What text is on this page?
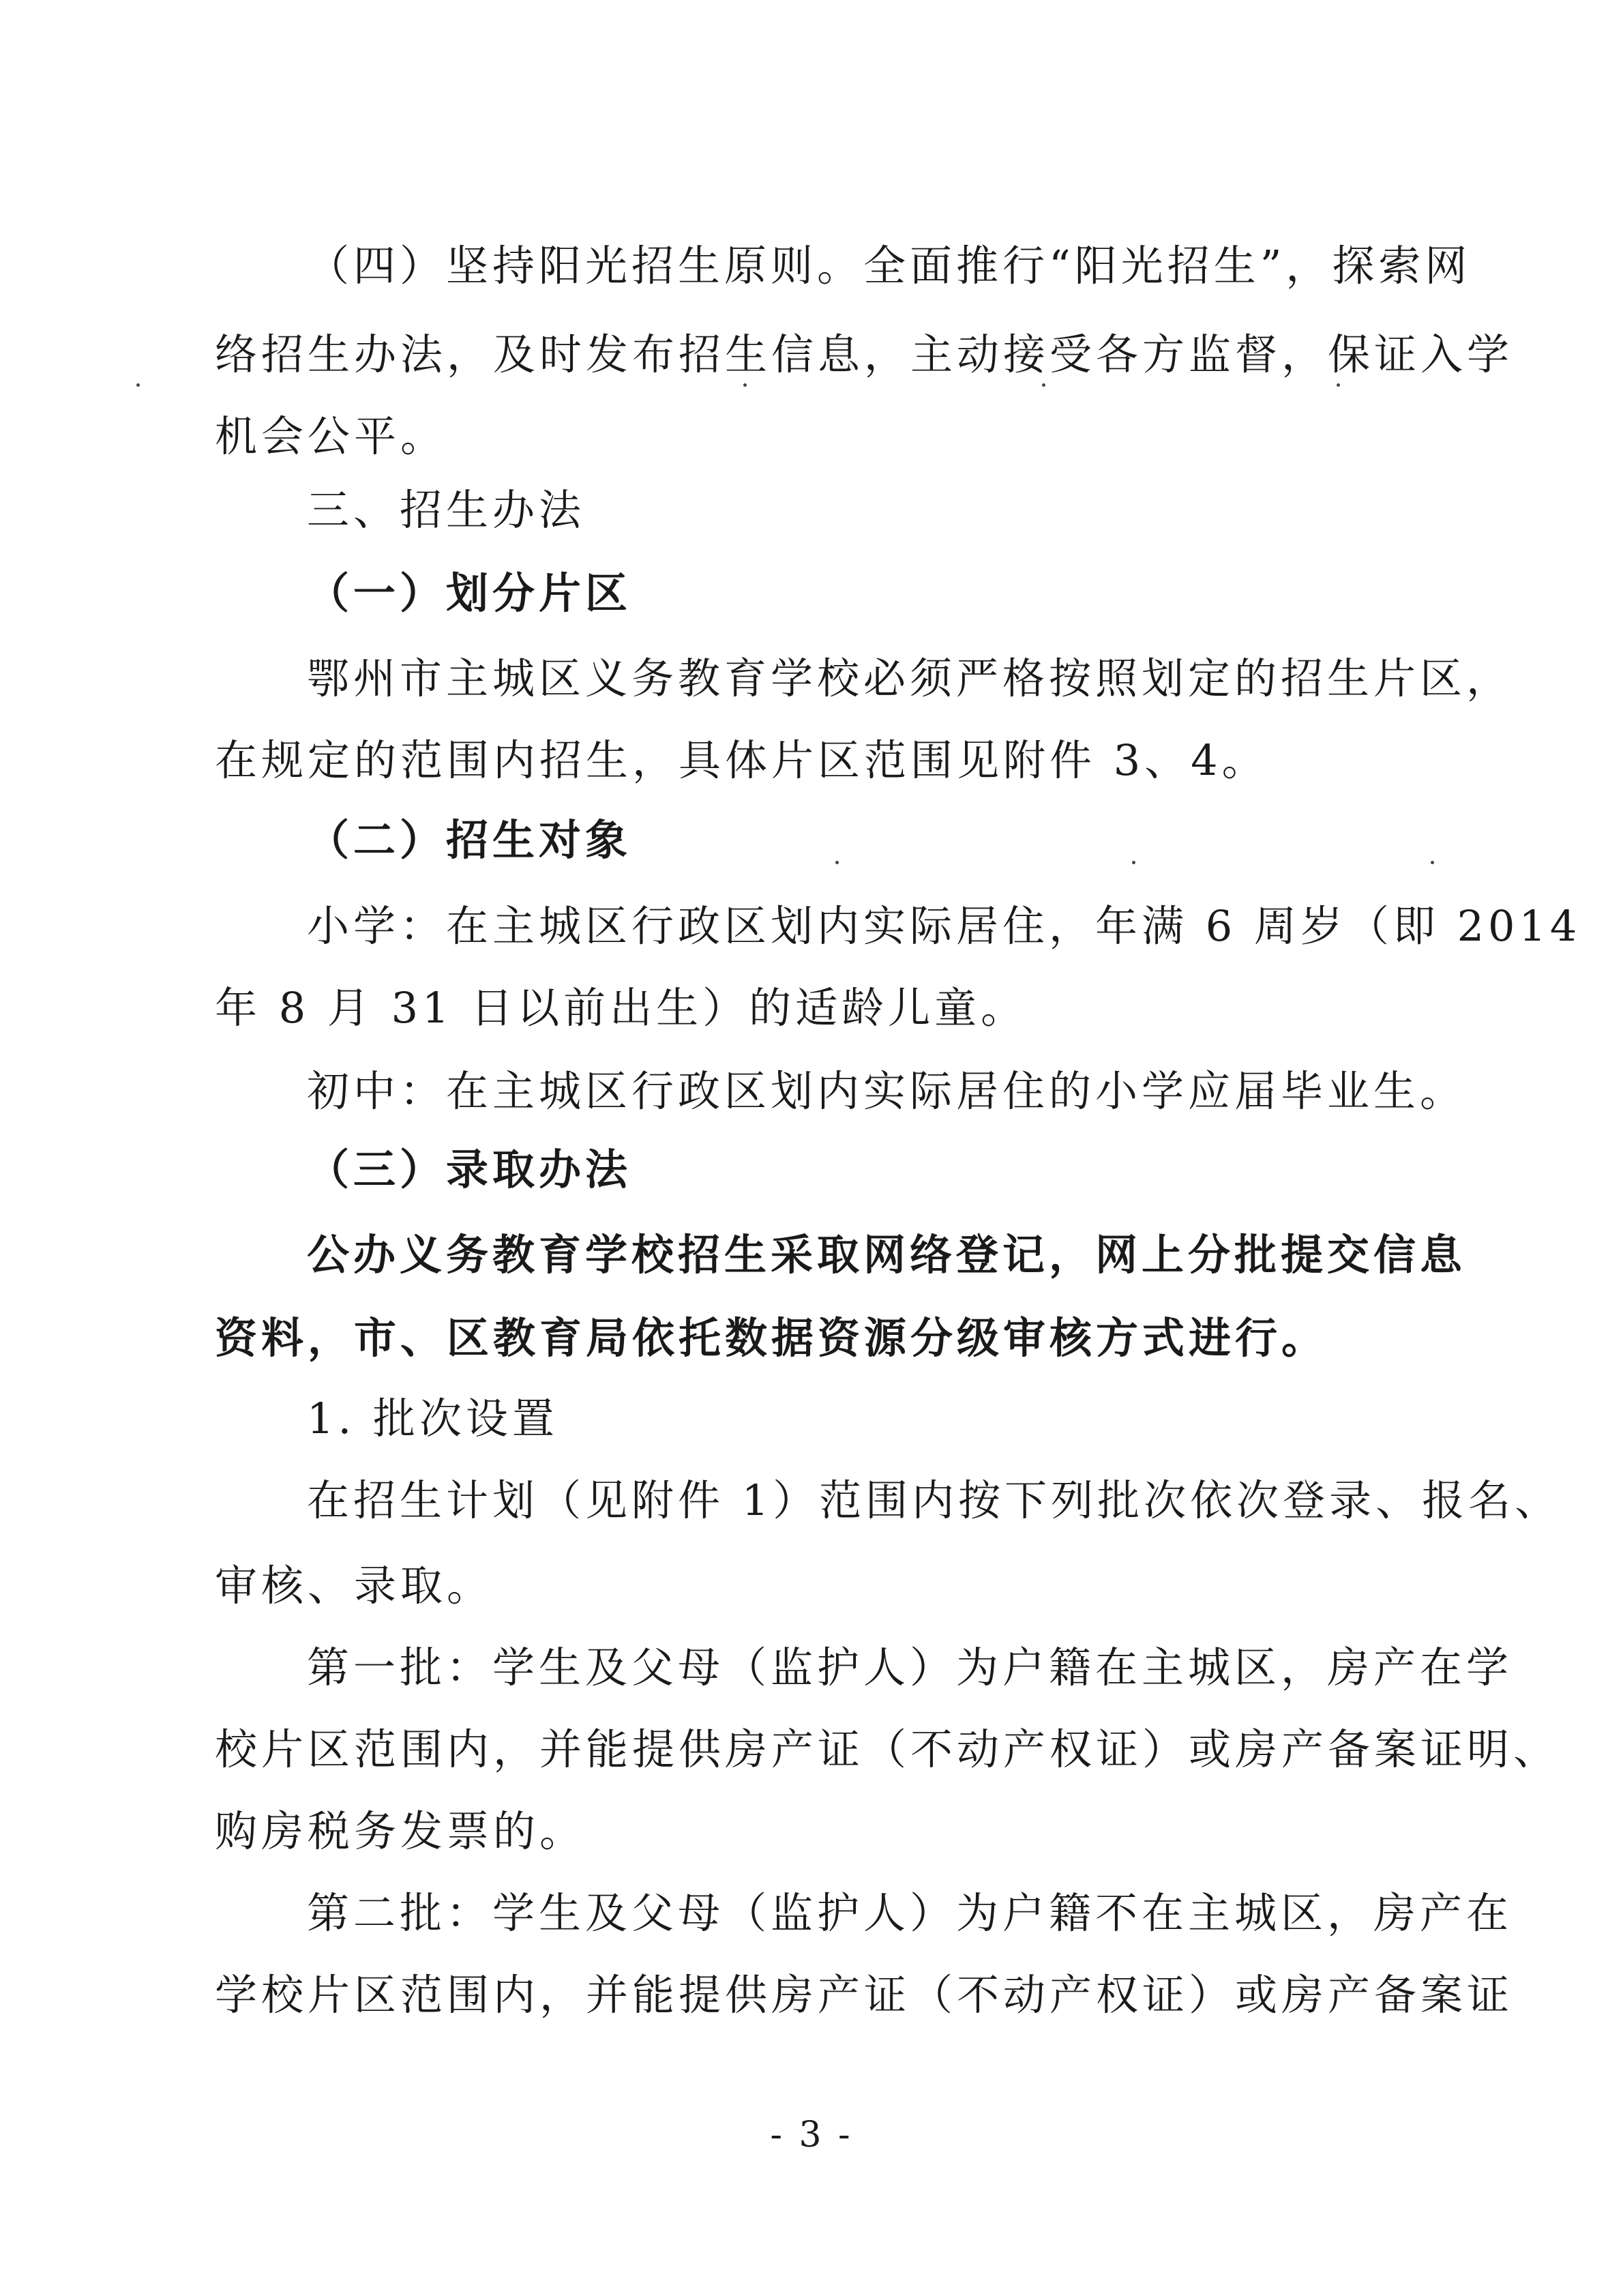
（四）坚持阳光招生原则。全面推行“阳光招生”，探索网

络招生办法，及时发布招生信息，主动接受各方监督，保证入学

机会公平。

三、招生办法

（一）划分片区

鄂州市主城区义务教育学校必须严格按照划定的招生片区，

在规定的范围内招生，具体片区范围见附件 3、4。

（二）招生对象

小学：在主城区行政区划内实际居住，年满 6 周岁（即 2014

年 8 月 31 日以前出生）的适龄儿童。

初中：在主城区行政区划内实际居住的小学应届毕业生。

（三）录取办法

公办义务教育学校招生采取网络登记，网上分批提交信息

资料，市、区教育局依托数据资源分级审核方式进行。

1. 批次设置

在招生计划（见附件 1）范围内按下列批次依次登录、报名、

审核、录取。

第一批：学生及父母（监护人）为户籍在主城区，房产在学

校片区范围内，并能提供房产证（不动产权证）或房产备案证明、

购房税务发票的。

第二批：学生及父母（监护人）为户籍不在主城区，房产在

学校片区范围内，并能提供房产证（不动产权证）或房产备案证

- 3 -
